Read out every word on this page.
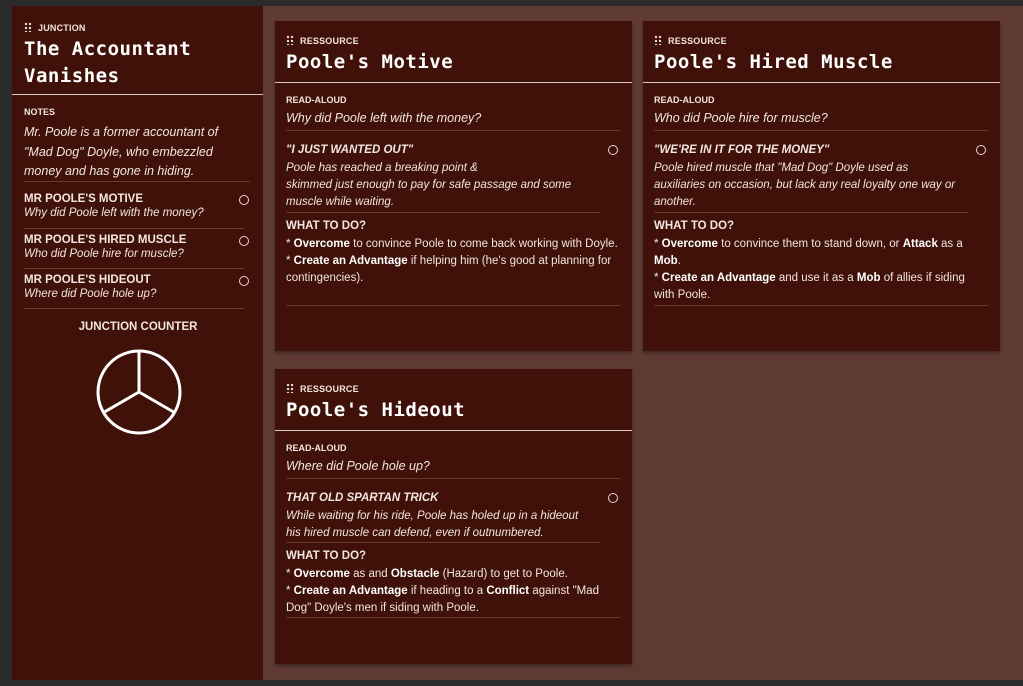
JUNCTION
The Accountant
Vanishes
NOTES
Mr. Poole is a former accountant of "Mad Dog" Doyle, who embezzled money and has gone in hiding.
MR POOLE'S MOTIVE
Why did Poole left with the money?
MR POOLE'S HIRED MUSCLE
Who did Poole hire for muscle?
MR POOLE'S HIDEOUT
Where did Poole hole up?
JUNCTION COUNTER
RESSOURCE
Poole's Motive
READ-ALOUD
Why did Poole left with the money?
"I JUST WANTED OUT"
Poole has reached a breaking point &
skimmed just enough to pay for safe passage and some muscle while waiting.
WHAT TO DO?
* Overcome to convince Poole to come back working with Doyle.
* Create an Advantage if helping him (he's good at planning for contingencies).
RESSOURCE
Poole's Hired Muscle
READ-ALOUD
Who did Poole hire for muscle?
"WE'RE IN IT FOR THE MONEY"
Poole hired muscle that "Mad Dog" Doyle used as
auxiliaries on occasion, but lack any real loyalty one way or another.
WHAT TO DO?
* Overcome to convince them to stand down, or Attack as a Mob.
* Create an Advantage and use it as a Mob of allies if siding with Poole.
RESSOURCE
Poole's Hideout
READ-ALOUD
Where did Poole hole up?
THAT OLD SPARTAN TRICK
While waiting for his ride, Poole has holed up in a hideout
his hired muscle can defend, even if outnumbered.
WHAT TO DO?
* Overcome as and Obstacle (Hazard) to get to Poole.
* Create an Advantage if heading to a Conflict against "Mad Dog" Doyle's men if siding with Poole.
